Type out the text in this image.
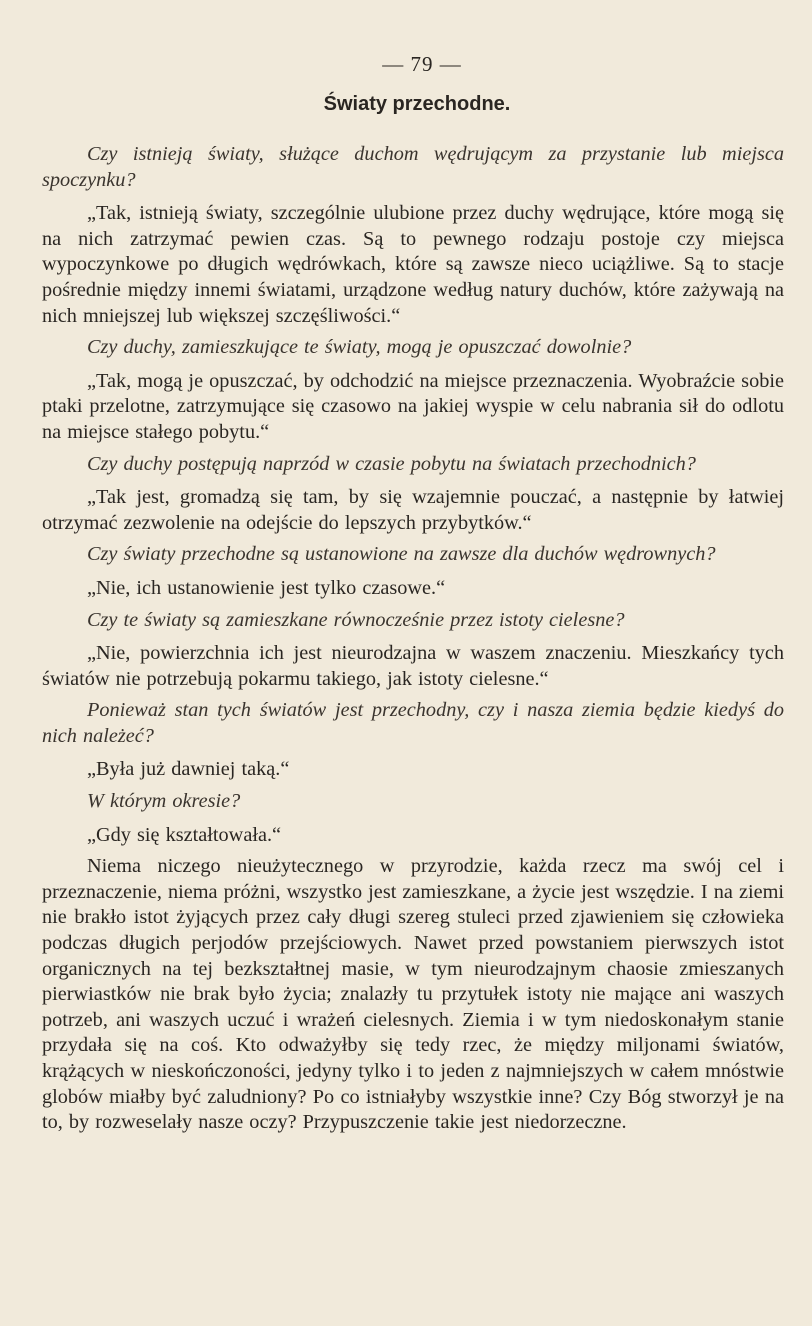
— 79 —
Światy przechodne.

Czy istnieją światy, służące duchom wędrującym za przystanie lub miejsca spoczynku?

„Tak, istnieją światy, szczególnie ulubione przez duchy wędrujące, które mogą się na nich zatrzymać pewien czas. Są to pewnego rodzaju postoje czy miejsca wypoczynkowe po długich wędrówkach, które są zawsze nieco uciążliwe. Są to stacje pośrednie między innemi światami, urządzone według natury duchów, które zażywają na nich mniejszej lub większej szczęśliwości.“

Czy duchy, zamieszkujące te światy, mogą je opuszczać dowolnie?

„Tak, mogą je opuszczać, by odchodzić na miejsce przeznaczenia. Wyobraźcie sobie ptaki przelotne, zatrzymujące się czasowo na jakiej wyspie w celu nabrania sił do odlotu na miejsce stałego pobytu.“

Czy duchy postępują naprzód w czasie pobytu na światach przechodnich?

„Tak jest, gromadzą się tam, by się wzajemnie pouczać, a następnie by łatwiej otrzymać zezwolenie na odejście do lepszych przybytków.“

Czy światy przechodne są ustanowione na zawsze dla duchów wędrownych?

„Nie, ich ustanowienie jest tylko czasowe.“

Czy te światy są zamieszkane równocześnie przez istoty cielesne?

„Nie, powierzchnia ich jest nieurodzajna w waszem znaczeniu. Mieszkańcy tych światów nie potrzebują pokarmu takiego, jak istoty cielesne.“

Ponieważ stan tych światów jest przechodny, czy i nasza ziemia będzie kiedyś do nich należeć?

„Była już dawniej taką.“

W którym okresie?

„Gdy się kształtowała.“

Niema niczego nieużytecznego w przyrodzie, każda rzecz ma swój cel i przeznaczenie, niema próżni, wszystko jest zamieszkane, a życie jest wszędzie. I na ziemi nie brakło istot żyjących przez cały długi szereg stuleci przed zjawieniem się człowieka podczas długich perjodów przejściowych. Nawet przed powstaniem pierwszych istot organicznych na tej bezkształtnej masie, w tym nieurodzajnym chaosie zmieszanych pierwiastków nie brak było życia; znalazły tu przytułek istoty nie mające ani waszych potrzeb, ani waszych uczuć i wrażeń cielesnych. Ziemia i w tym niedoskonałym stanie przydała się na coś. Kto odważyłby się tedy rzec, że między miljonami światów, krążących w nieskończoności, jedyny tylko i to jeden z najmniejszych w całem mnóstwie globów miałby być zaludniony? Po co istniałyby wszystkie inne? Czy Bóg stworzył je na to, by rozweselały nasze oczy? Przypuszczenie takie jest niedorzeczne.
